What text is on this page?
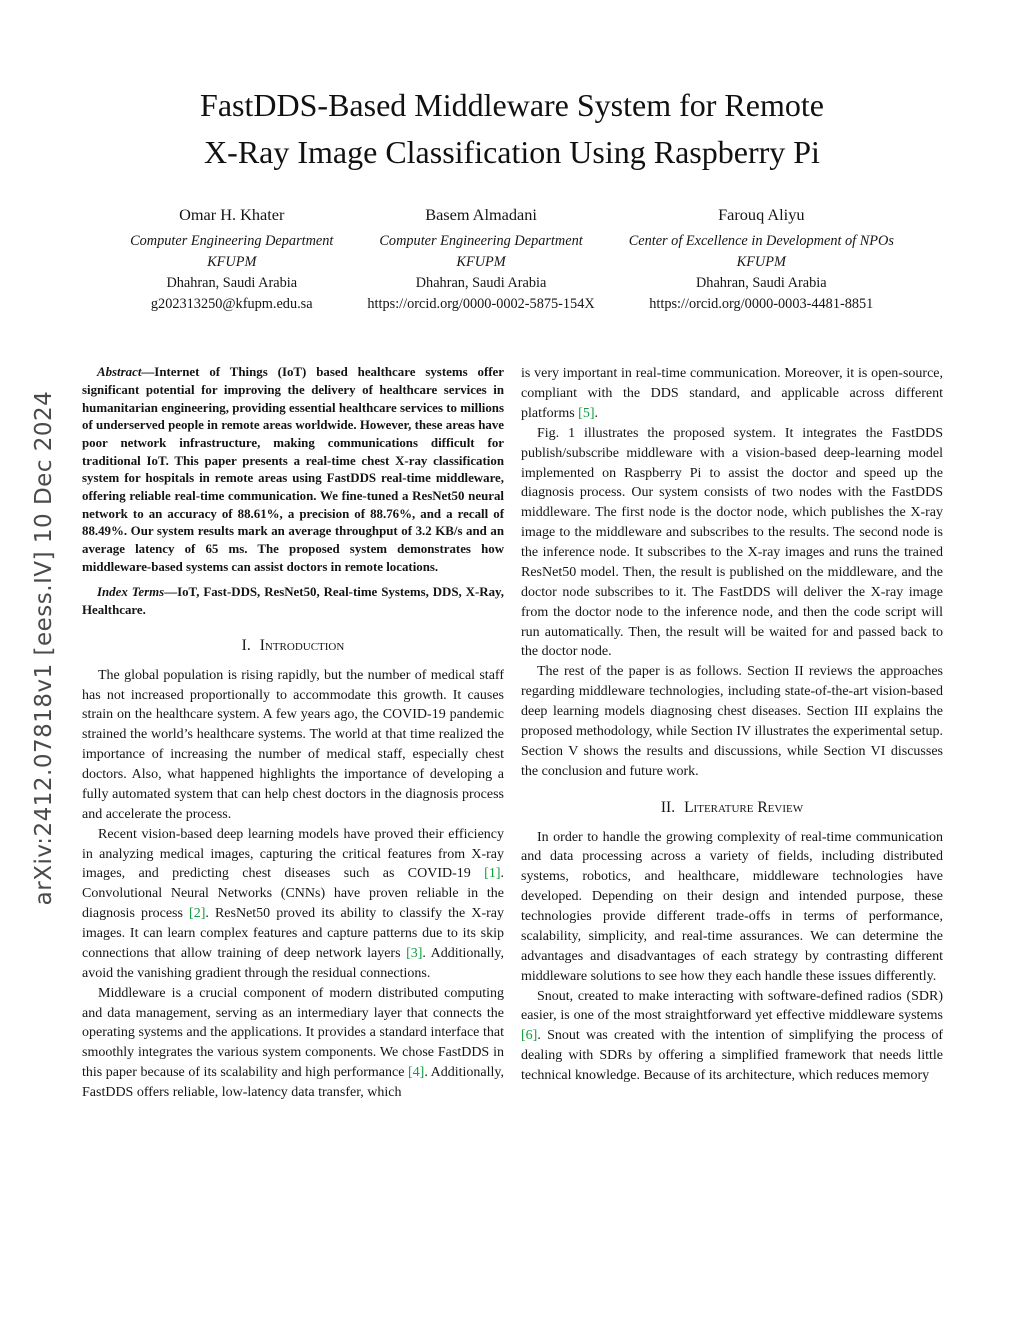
arXiv:2412.07818v1 [eess.IV] 10 Dec 2024
FastDDS-Based Middleware System for Remote
X-Ray Image Classification Using Raspberry Pi
Omar H. Khater
Computer Engineering Department
KFUPM
Dhahran, Saudi Arabia
g202313250@kfupm.edu.sa
Basem Almadani
Computer Engineering Department
KFUPM
Dhahran, Saudi Arabia
https://orcid.org/0000-0002-5875-154X
Farouq Aliyu
Center of Excellence in Development of NPOs
KFUPM
Dhahran, Saudi Arabia
https://orcid.org/0000-0003-4481-8851

Abstract—Internet of Things (IoT) based healthcare systems offer significant potential for improving the delivery of healthcare services in humanitarian engineering, providing essential healthcare services to millions of underserved people in remote areas worldwide. However, these areas have poor network infrastructure, making communications difficult for traditional IoT. This paper presents a real-time chest X-ray classification system for hospitals in remote areas using FastDDS real-time middleware, offering reliable real-time communication. We fine-tuned a ResNet50 neural network to an accuracy of 88.61%, a precision of 88.76%, and a recall of 88.49%. Our system results mark an average throughput of 3.2 KB/s and an average latency of 65 ms. The proposed system demonstrates how middleware-based systems can assist doctors in remote locations.

Index Terms—IoT, Fast-DDS, ResNet50, Real-time Systems, DDS, X-Ray, Healthcare.

I. Introduction

The global population is rising rapidly, but the number of medical staff has not increased proportionally to accommodate this growth. It causes strain on the healthcare system. A few years ago, the COVID-19 pandemic strained the world’s healthcare systems. The world at that time realized the importance of increasing the number of medical staff, especially chest doctors. Also, what happened highlights the importance of developing a fully automated system that can help chest doctors in the diagnosis process and accelerate the process.

Recent vision-based deep learning models have proved their efficiency in analyzing medical images, capturing the critical features from X-ray images, and predicting chest diseases such as COVID-19 [1]. Convolutional Neural Networks (CNNs) have proven reliable in the diagnosis process [2]. ResNet50 proved its ability to classify the X-ray images. It can learn complex features and capture patterns due to its skip connections that allow training of deep network layers [3]. Additionally, avoid the vanishing gradient through the residual connections.

Middleware is a crucial component of modern distributed computing and data management, serving as an intermediary layer that connects the operating systems and the applications. It provides a standard interface that smoothly integrates the various system components. We chose FastDDS in this paper because of its scalability and high performance [4]. Additionally, FastDDS offers reliable, low-latency data transfer, which

is very important in real-time communication. Moreover, it is open-source, compliant with the DDS standard, and applicable across different platforms [5].

Fig. 1 illustrates the proposed system. It integrates the FastDDS publish/subscribe middleware with a vision-based deep-learning model implemented on Raspberry Pi to assist the doctor and speed up the diagnosis process. Our system consists of two nodes with the FastDDS middleware. The first node is the doctor node, which publishes the X-ray image to the middleware and subscribes to the results. The second node is the inference node. It subscribes to the X-ray images and runs the trained ResNet50 model. Then, the result is published on the middleware, and the doctor node subscribes to it. The FastDDS will deliver the X-ray image from the doctor node to the inference node, and then the code script will run automatically. Then, the result will be waited for and passed back to the doctor node.

The rest of the paper is as follows. Section II reviews the approaches regarding middleware technologies, including state-of-the-art vision-based deep learning models diagnosing chest diseases. Section III explains the proposed methodology, while Section IV illustrates the experimental setup. Section V shows the results and discussions, while Section VI discusses the conclusion and future work.

II. Literature Review

In order to handle the growing complexity of real-time communication and data processing across a variety of fields, including distributed systems, robotics, and healthcare, middleware technologies have developed. Depending on their design and intended purpose, these technologies provide different trade-offs in terms of performance, scalability, simplicity, and real-time assurances. We can determine the advantages and disadvantages of each strategy by contrasting different middleware solutions to see how they each handle these issues differently.

Snout, created to make interacting with software-defined radios (SDR) easier, is one of the most straightforward yet effective middleware systems [6]. Snout was created with the intention of simplifying the process of dealing with SDRs by offering a simplified framework that needs little technical knowledge. Because of its architecture, which reduces memory
